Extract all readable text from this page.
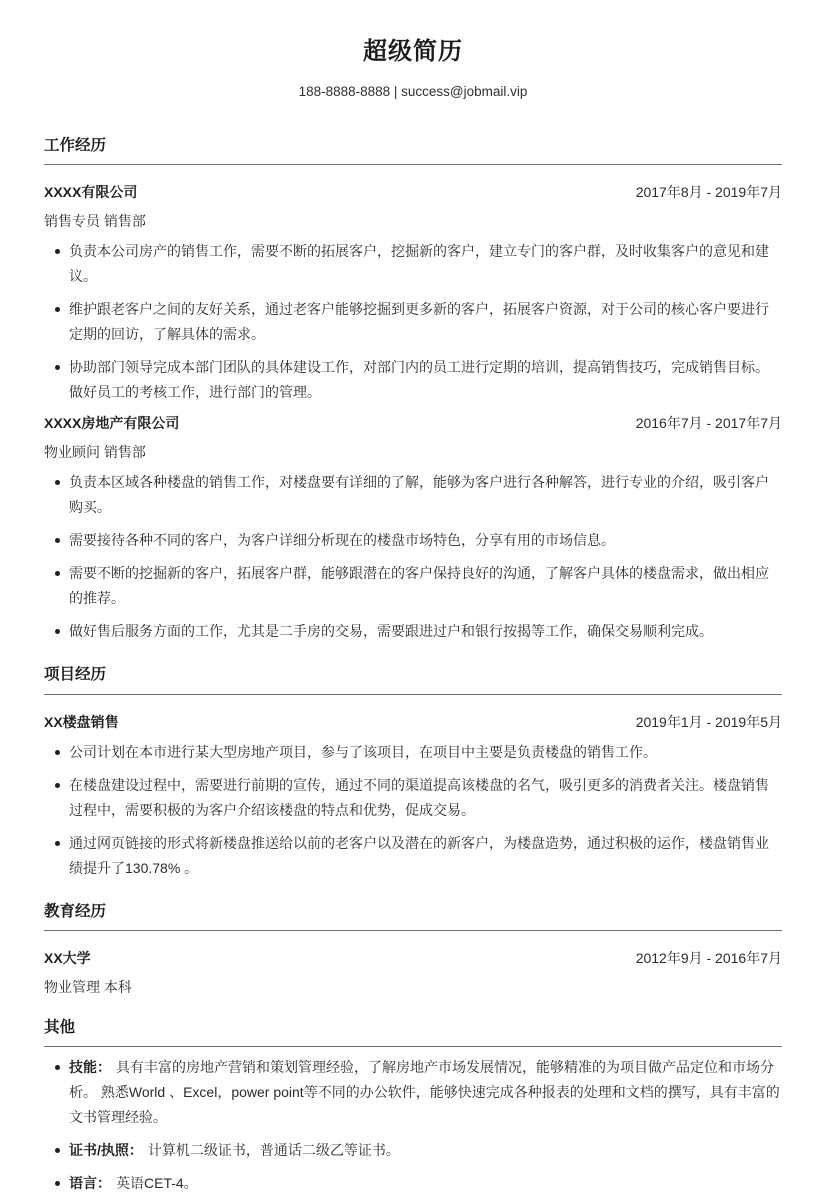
超级简历
188-8888-8888 | success@jobmail.vip
工作经历
XXXX有限公司	2017年8月 - 2019年7月
销售专员 销售部
负责本公司房产的销售工作，需要不断的拓展客户，挖掘新的客户，建立专门的客户群，及时收集客户的意见和建议。
维护跟老客户之间的友好关系，通过老客户能够挖掘到更多新的客户，拓展客户资源，对于公司的核心客户要进行定期的回访，了解具体的需求。
协助部门领导完成本部门团队的具体建设工作，对部门内的员工进行定期的培训，提高销售技巧，完成销售目标。做好员工的考核工作，进行部门的管理。
XXXX房地产有限公司	2016年7月 - 2017年7月
物业顾问 销售部
负责本区域各种楼盘的销售工作，对楼盘要有详细的了解，能够为客户进行各种解答，进行专业的介绍，吸引客户购买。
需要接待各种不同的客户，为客户详细分析现在的楼盘市场特色，分享有用的市场信息。
需要不断的挖掘新的客户，拓展客户群，能够跟潜在的客户保持良好的沟通，了解客户具体的楼盘需求，做出相应的推荐。
做好售后服务方面的工作，尤其是二手房的交易，需要跟进过户和银行按揭等工作，确保交易顺利完成。
项目经历
XX楼盘销售	2019年1月 - 2019年5月
公司计划在本市进行某大型房地产项目，参与了该项目，在项目中主要是负责楼盘的销售工作。
在楼盘建设过程中，需要进行前期的宣传，通过不同的渠道提高该楼盘的名气，吸引更多的消费者关注。楼盘销售过程中，需要积极的为客户介绍该楼盘的特点和优势，促成交易。
通过网页链接的形式将新楼盘推送给以前的老客户以及潜在的新客户，为楼盘造势，通过积极的运作，楼盘销售业绩提升了130.78% 。
教育经历
XX大学	2012年9月 - 2016年7月
物业管理 本科
其他
技能： 具有丰富的房地产营销和策划管理经验，了解房地产市场发展情况，能够精准的为项目做产品定位和市场分析。 熟悉World 、Excel，power point等不同的办公软件，能够快速完成各种报表的处理和文档的撰写，具有丰富的文书管理经验。
证书/执照： 计算机二级证书，普通话二级乙等证书。
语言： 英语CET-4。
